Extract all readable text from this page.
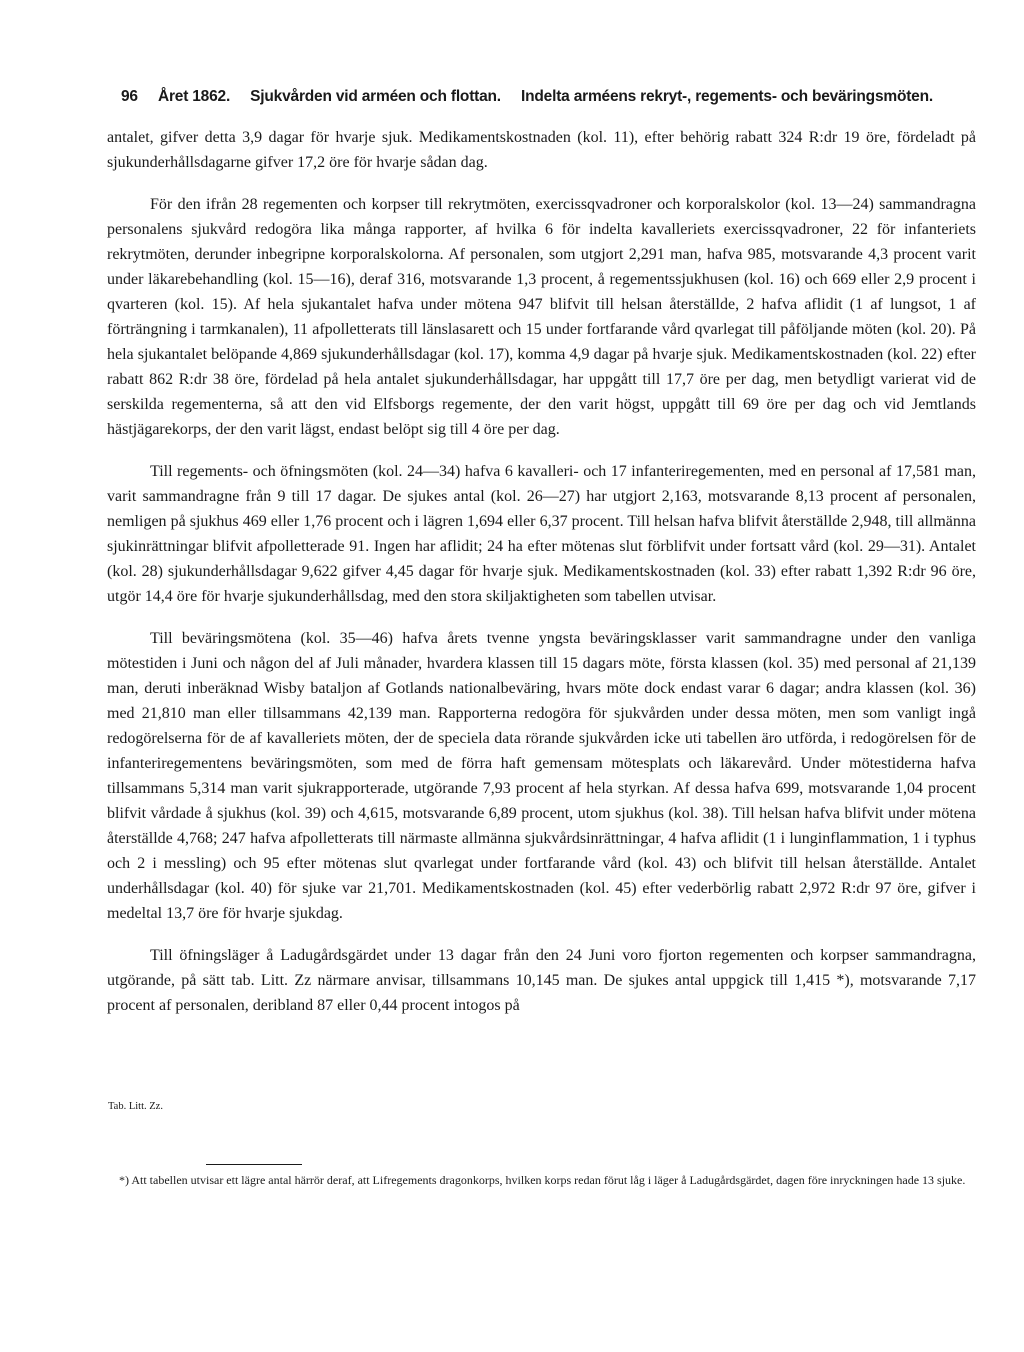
96 Året 1862. Sjukvården vid arméen och flottan. Indelta arméens rekryt-, regements- och beväringsmöten.

antalet, gifver detta 3,9 dagar för hvarje sjuk. Medikamentskostnaden (kol. 11), efter behörig rabatt 324 R:dr 19 öre, fördeladt på sjukunderhållsdagarne gifver 17,2 öre för hvarje sådan dag.

För den ifrån 28 regementen och korpser till rekrytmöten, exercissqvadroner och korporalskolor (kol. 13—24) sammandragna personalens sjukvård redogöra lika många rapporter, af hvilka 6 för indelta kavalleriets exercissqvadroner, 22 för infanteriets rekrytmöten, derunder inbegripne korporalskolorna. Af personalen, som utgjort 2,291 man, hafva 985, motsvarande 4,3 procent varit under läkarebehandling (kol. 15—16), deraf 316, motsvarande 1,3 procent, å regementssjukhusen (kol. 16) och 669 eller 2,9 procent i qvarteren (kol. 15). Af hela sjukantalet hafva under mötena 947 blifvit till helsan återställde, 2 hafva aflidit (1 af lungsot, 1 af förträngning i tarmkanalen), 11 afpolletterats till länslasarett och 15 under fortfarande vård qvarlegat till påföljande möten (kol. 20). På hela sjukantalet belöpande 4,869 sjukunderhållsdagar (kol. 17), komma 4,9 dagar på hvarje sjuk. Medikamentskostnaden (kol. 22) efter rabatt 862 R:dr 38 öre, fördelad på hela antalet sjukunderhållsdagar, har uppgått till 17,7 öre per dag, men betydligt varierat vid de serskilda regementerna, så att den vid Elfsborgs regemente, der den varit högst, uppgått till 69 öre per dag och vid Jemtlands hästjägarekorps, der den varit lägst, endast belöpt sig till 4 öre per dag.

Till regements- och öfningsmöten (kol. 24—34) hafva 6 kavalleri- och 17 infanteriregementen, med en personal af 17,581 man, varit sammandragne från 9 till 17 dagar. De sjukes antal (kol. 26—27) har utgjort 2,163, motsvarande 8,13 procent af personalen, nemligen på sjukhus 469 eller 1,76 procent och i lägren 1,694 eller 6,37 procent. Till helsan hafva blifvit återställde 2,948, till allmänna sjukinrättningar blifvit afpolletterade 91. Ingen har aflidit; 24 ha efter mötenas slut förblifvit under fortsatt vård (kol. 29—31). Antalet (kol. 28) sjukunderhållsdagar 9,622 gifver 4,45 dagar för hvarje sjuk. Medikamentskostnaden (kol. 33) efter rabatt 1,392 R:dr 96 öre, utgör 14,4 öre för hvarje sjukunderhållsdag, med den stora skiljaktigheten som tabellen utvisar.

Till beväringsmötena (kol. 35—46) hafva årets tvenne yngsta beväringsklasser varit sammandragne under den vanliga mötestiden i Juni och någon del af Juli månader, hvardera klassen till 15 dagars möte, första klassen (kol. 35) med personal af 21,139 man, deruti inberäknad Wisby bataljon af Gotlands nationalbeväring, hvars möte dock endast varar 6 dagar; andra klassen (kol. 36) med 21,810 man eller tillsammans 42,139 man. Rapporterna redogöra för sjukvården under dessa möten, men som vanligt ingå redogörelserna för de af kavalleriets möten, der de speciela data rörande sjukvården icke uti tabellen äro utförda, i redogörelsen för de infanteriregementens beväringsmöten, som med de förra haft gemensam mötesplats och läkarevård. Under mötestiderna hafva tillsammans 5,314 man varit sjukrapporterade, utgörande 7,93 procent af hela styrkan. Af dessa hafva 699, motsvarande 1,04 procent blifvit vårdade å sjukhus (kol. 39) och 4,615, motsvarande 6,89 procent, utom sjukhus (kol. 38). Till helsan hafva blifvit under mötena återställde 4,768; 247 hafva afpolletterats till närmaste allmänna sjukvårdsinrättningar, 4 hafva aflidit (1 i lunginflammation, 1 i typhus och 2 i messling) och 95 efter mötenas slut qvarlegat under fortfarande vård (kol. 43) och blifvit till helsan återställde. Antalet underhållsdagar (kol. 40) för sjuke var 21,701. Medikamentskostnaden (kol. 45) efter vederbörlig rabatt 2,972 R:dr 97 öre, gifver i medeltal 13,7 öre för hvarje sjukdag.

Till öfningsläger å Ladugårdsgärdet under 13 dagar från den 24 Juni voro fjorton regementen och korpser sammandragna, utgörande, på sätt tab. Litt. Zz närmare anvisar, tillsammans 10,145 man. De sjukes antal uppgick till 1,415 *), motsvarande 7,17 procent af personalen, deribland 87 eller 0,44 procent intogos på

Tab. Litt. Zz.

*) Att tabellen utvisar ett lägre antal härrör deraf, att Lifregements dragonkorps, hvilken korps redan förut låg i läger å Ladugårdsgärdet, dagen före inryckningen hade 13 sjuke.
